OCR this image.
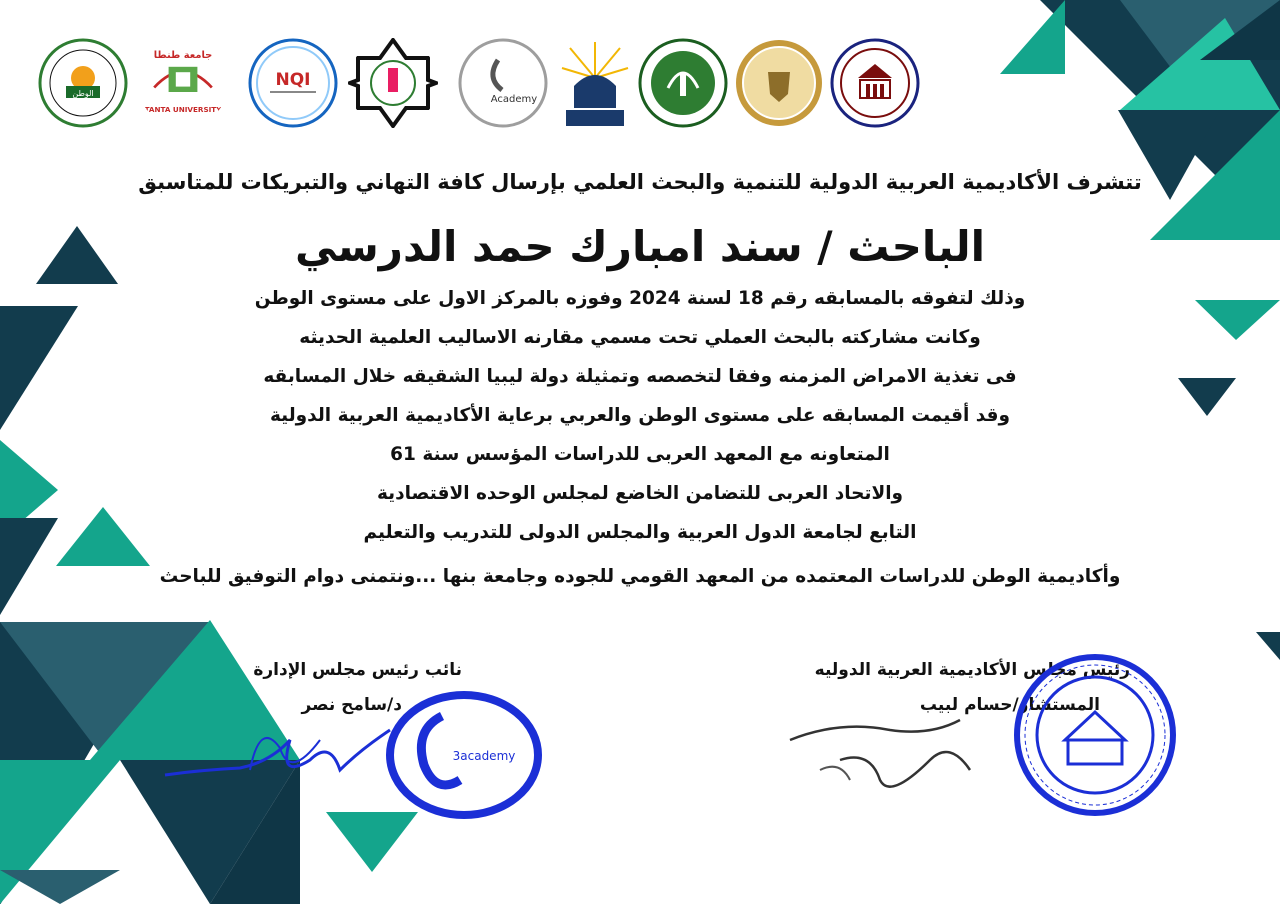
الوطن
جامعة طنطا
TANTA UNIVERSITY
NQI
Academy
تتشرف الأكاديمية العربية الدولية للتنمية والبحث العلمي بإرسال كافة التهاني والتبريكات للمتاسبق
الباحث / سند امبارك حمد الدرسي
وذلك لتفوقه بالمسابقه رقم 18 لسنة 2024 وفوزه بالمركز الاول على مستوى الوطن
وكانت مشاركته بالبحث العملي تحت مسمي مقارنه الاساليب العلمية الحديثه
فى تغذية الامراض المزمنه وفقا لتخصصه وتمثيلة دولة ليبيا الشقيقه خلال المسابقه
وقد أقيمت المسابقه على مستوى الوطن والعربي برعاية الأكاديمية العربية الدولية
المتعاونه مع المعهد العربى للدراسات المؤسس سنة 61
والاتحاد العربى للتضامن الخاضع لمجلس الوحده الاقتصادية
التابع لجامعة الدول العربية والمجلس الدولى للتدريب والتعليم
وأكاديمية الوطن للدراسات المعتمده من المعهد القومي للجوده وجامعة بنها ...ونتمنى دوام التوفيق للباحث
نائب رئيس مجلس الإدارة
د/سامح نصر
رئيس مجلس الأكاديمية العربية الدوليه
المستشار/حسام لبيب
3academy
